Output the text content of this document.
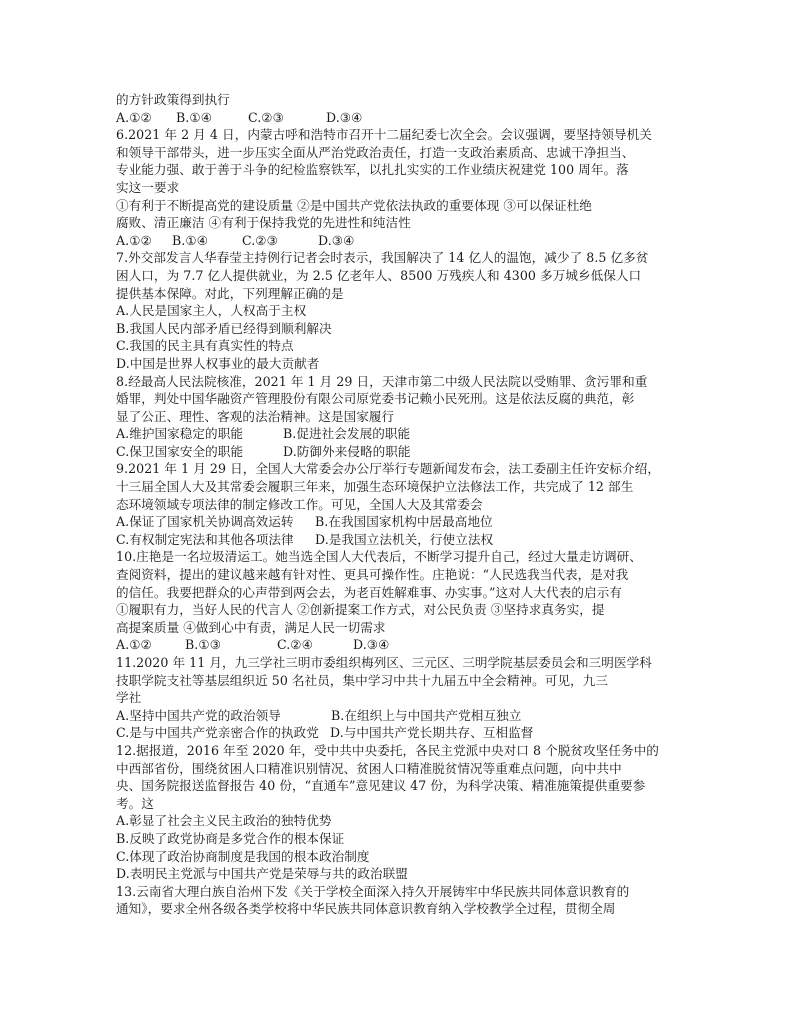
的方针政策得到执行
A.①②	B.①④	C.②③	D.③④
6.2021 年 2 月 4 日，内蒙古呼和浩特市召开十二届纪委七次全会。会议强调，要坚持领导机关
和领导干部带头，进一步压实全面从严治党政治责任，打造一支政治素质高、忠诚干净担当、
专业能力强、敢于善于斗争的纪检监察铁军，以扎扎实实的工作业绩庆祝建党 100 周年。落
实这一要求
①有利于不断提高党的建设质量 ②是中国共产党依法执政的重要体现 ③可以保证杜绝
腐败、清正廉洁 ④有利于保持我党的先进性和纯洁性
A.①②	B.①④	C.②③	D.③④
7.外交部发言人华春莹主持例行记者会时表示，我国解决了 14 亿人的温饱，减少了 8.5 亿多贫
困人口，为 7.7 亿人提供就业，为 2.5 亿老年人、8500 万残疾人和 4300 多万城乡低保人口
提供基本保障。对此，下列理解正确的是
A.人民是国家主人，人权高于主权
B.我国人民内部矛盾已经得到顺利解决
C.我国的民主具有真实性的特点
D.中国是世界人权事业的最大贡献者
8.经最高人民法院核准，2021 年 1 月 29 日，天津市第二中级人民法院以受贿罪、贪污罪和重
婚罪，判处中国华融资产管理股份有限公司原党委书记赖小民死刑。这是依法反腐的典范，彰
显了公正、理性、客观的法治精神。这是国家履行
A.维护国家稳定的职能	B.促进社会发展的职能
C.保卫国家安全的职能	D.防御外来侵略的职能
9.2021 年 1 月 29 日，全国人大常委会办公厅举行专题新闻发布会，法工委副主任许安标介绍，
十三届全国人大及其常委会履职三年来，加强生态环境保护立法修法工作，共完成了 12 部生
态环境领域专项法律的制定修改工作。可见，全国人大及其常委会
A.保证了国家机关协调高效运转	B.在我国国家机构中居最高地位
C.有权制定宪法和其他各项法律	D.是我国立法机关，行使立法权
10.庄艳是一名垃圾清运工。她当选全国人大代表后，不断学习提升自己，经过大量走访调研、
查阅资料，提出的建议越来越有针对性、更具可操作性。庄艳说：“人民选我当代表，是对我
的信任。我要把群众的心声带到两会去，为老百姓解难事、办实事。”这对人大代表的启示有
①履职有力，当好人民的代言人 ②创新提案工作方式，对公民负责 ③坚持求真务实，提
高提案质量 ④做到心中有责，满足人民一切需求
A.①②	B.①③	C.②④	D.③④
11.2020 年 11 月，九三学社三明市委组织梅列区、三元区、三明学院基层委员会和三明医学科
技职学院支社等基层组织近 50 名社员，集中学习中共十九届五中全会精神。可见，九三
学社
A.坚持中国共产党的政治领导	B.在组织上与中国共产党相互独立
C.是与中国共产党亲密合作的执政党 D.与中国共产党长期共存、互相监督
12.据报道，2016 年至 2020 年，受中共中央委托，各民主党派中央对口 8 个脱贫攻坚任务中的
中西部省份，围绕贫困人口精准识别情况、贫困人口精准脱贫情况等重难点问题，向中共中
央、国务院报送监督报告 40 份，“直通车”意见建议 47 份，为科学决策、精准施策提供重要参
考。这
A.彰显了社会主义民主政治的独特优势
B.反映了政党协商是多党合作的根本保证
C.体现了政治协商制度是我国的根本政治制度
D.表明民主党派与中国共产党是荣辱与共的政治联盟
13.云南省大理白族自治州下发《关于学校全面深入持久开展铸牢中华民族共同体意识教育的
通知》，要求全州各级各类学校将中华民族共同体意识教育纳入学校教学全过程，贯彻全周
